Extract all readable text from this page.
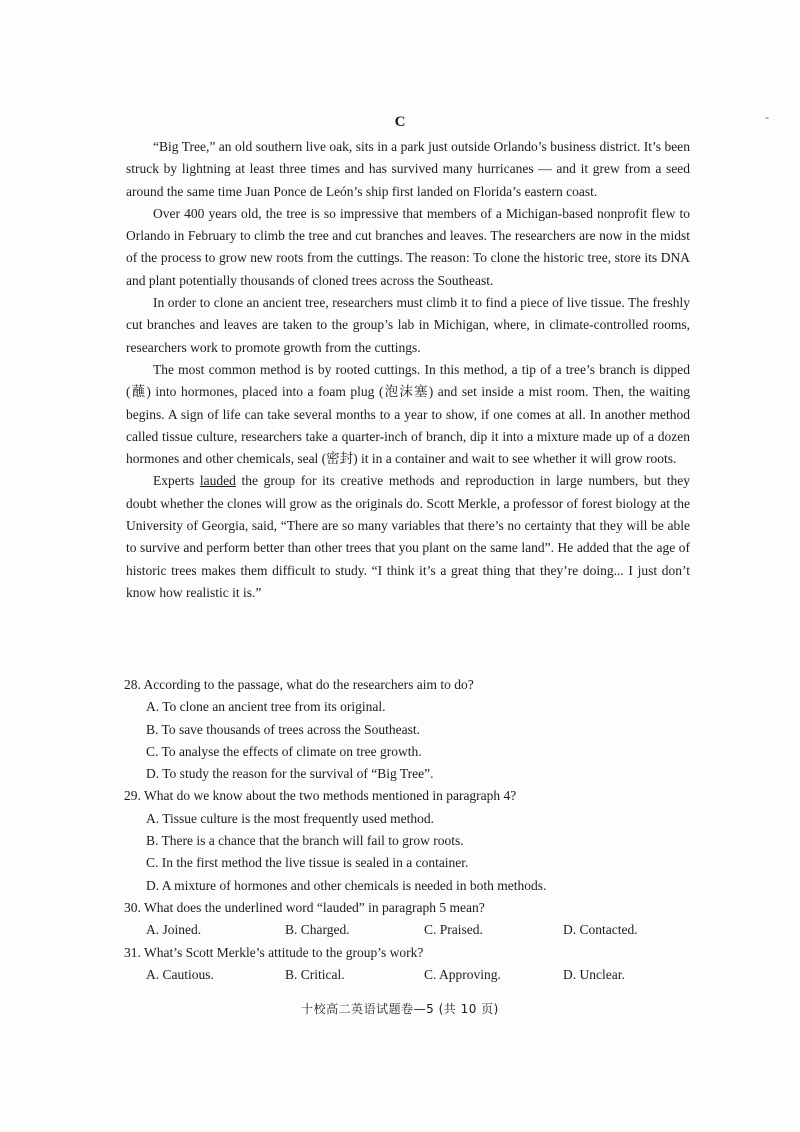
C	-

“Big Tree,” an old southern live oak, sits in a park just outside Orlando’s business district. It’s been struck by lightning at least three times and has survived many hurricanes — and it grew from a seed around the same time Juan Ponce de León’s ship first landed on Florida’s eastern coast.

Over 400 years old, the tree is so impressive that members of a Michigan-based nonprofit flew to Orlando in February to climb the tree and cut branches and leaves. The researchers are now in the midst of the process to grow new roots from the cuttings. The reason: To clone the historic tree, store its DNA and plant potentially thousands of cloned trees across the Southeast.

In order to clone an ancient tree, researchers must climb it to find a piece of live tissue. The freshly cut branches and leaves are taken to the group’s lab in Michigan, where, in climate-controlled rooms, researchers work to promote growth from the cuttings.

The most common method is by rooted cuttings. In this method, a tip of a tree’s branch is dipped (蘸) into hormones, placed into a foam plug (泡沫塞) and set inside a mist room. Then, the waiting begins. A sign of life can take several months to a year to show, if one comes at all. In another method called tissue culture, researchers take a quarter-inch of branch, dip it into a mixture made up of a dozen hormones and other chemicals, seal (密封) it in a container and wait to see whether it will grow roots.

Experts lauded the group for its creative methods and reproduction in large numbers, but they doubt whether the clones will grow as the originals do. Scott Merkle, a professor of forest biology at the University of Georgia, said, “There are so many variables that there’s no certainty that they will be able to survive and perform better than other trees that you plant on the same land”. He added that the age of historic trees makes them difficult to study. “I think it’s a great thing that they’re doing... I just don’t know how realistic it is.”

28. According to the passage, what do the researchers aim to do?

A. To clone an ancient tree from its original.
B. To save thousands of trees across the Southeast.
C. To analyse the effects of climate on tree growth.
D. To study the reason for the survival of “Big Tree”.

29. What do we know about the two methods mentioned in paragraph 4?

A. Tissue culture is the most frequently used method.
B. There is a chance that the branch will fail to grow roots.
C. In the first method the live tissue is sealed in a container.
D. A mixture of hormones and other chemicals is needed in both methods.

30. What does the underlined word “lauded” in paragraph 5 mean?

A. Joined.	B. Charged.	C. Praised.	D. Contacted.

31. What’s Scott Merkle’s attitude to the group’s work?

A. Cautious.	B. Critical.	C. Approving.	D. Unclear.
十校高二英语试题卷—5 (共 10 页)
